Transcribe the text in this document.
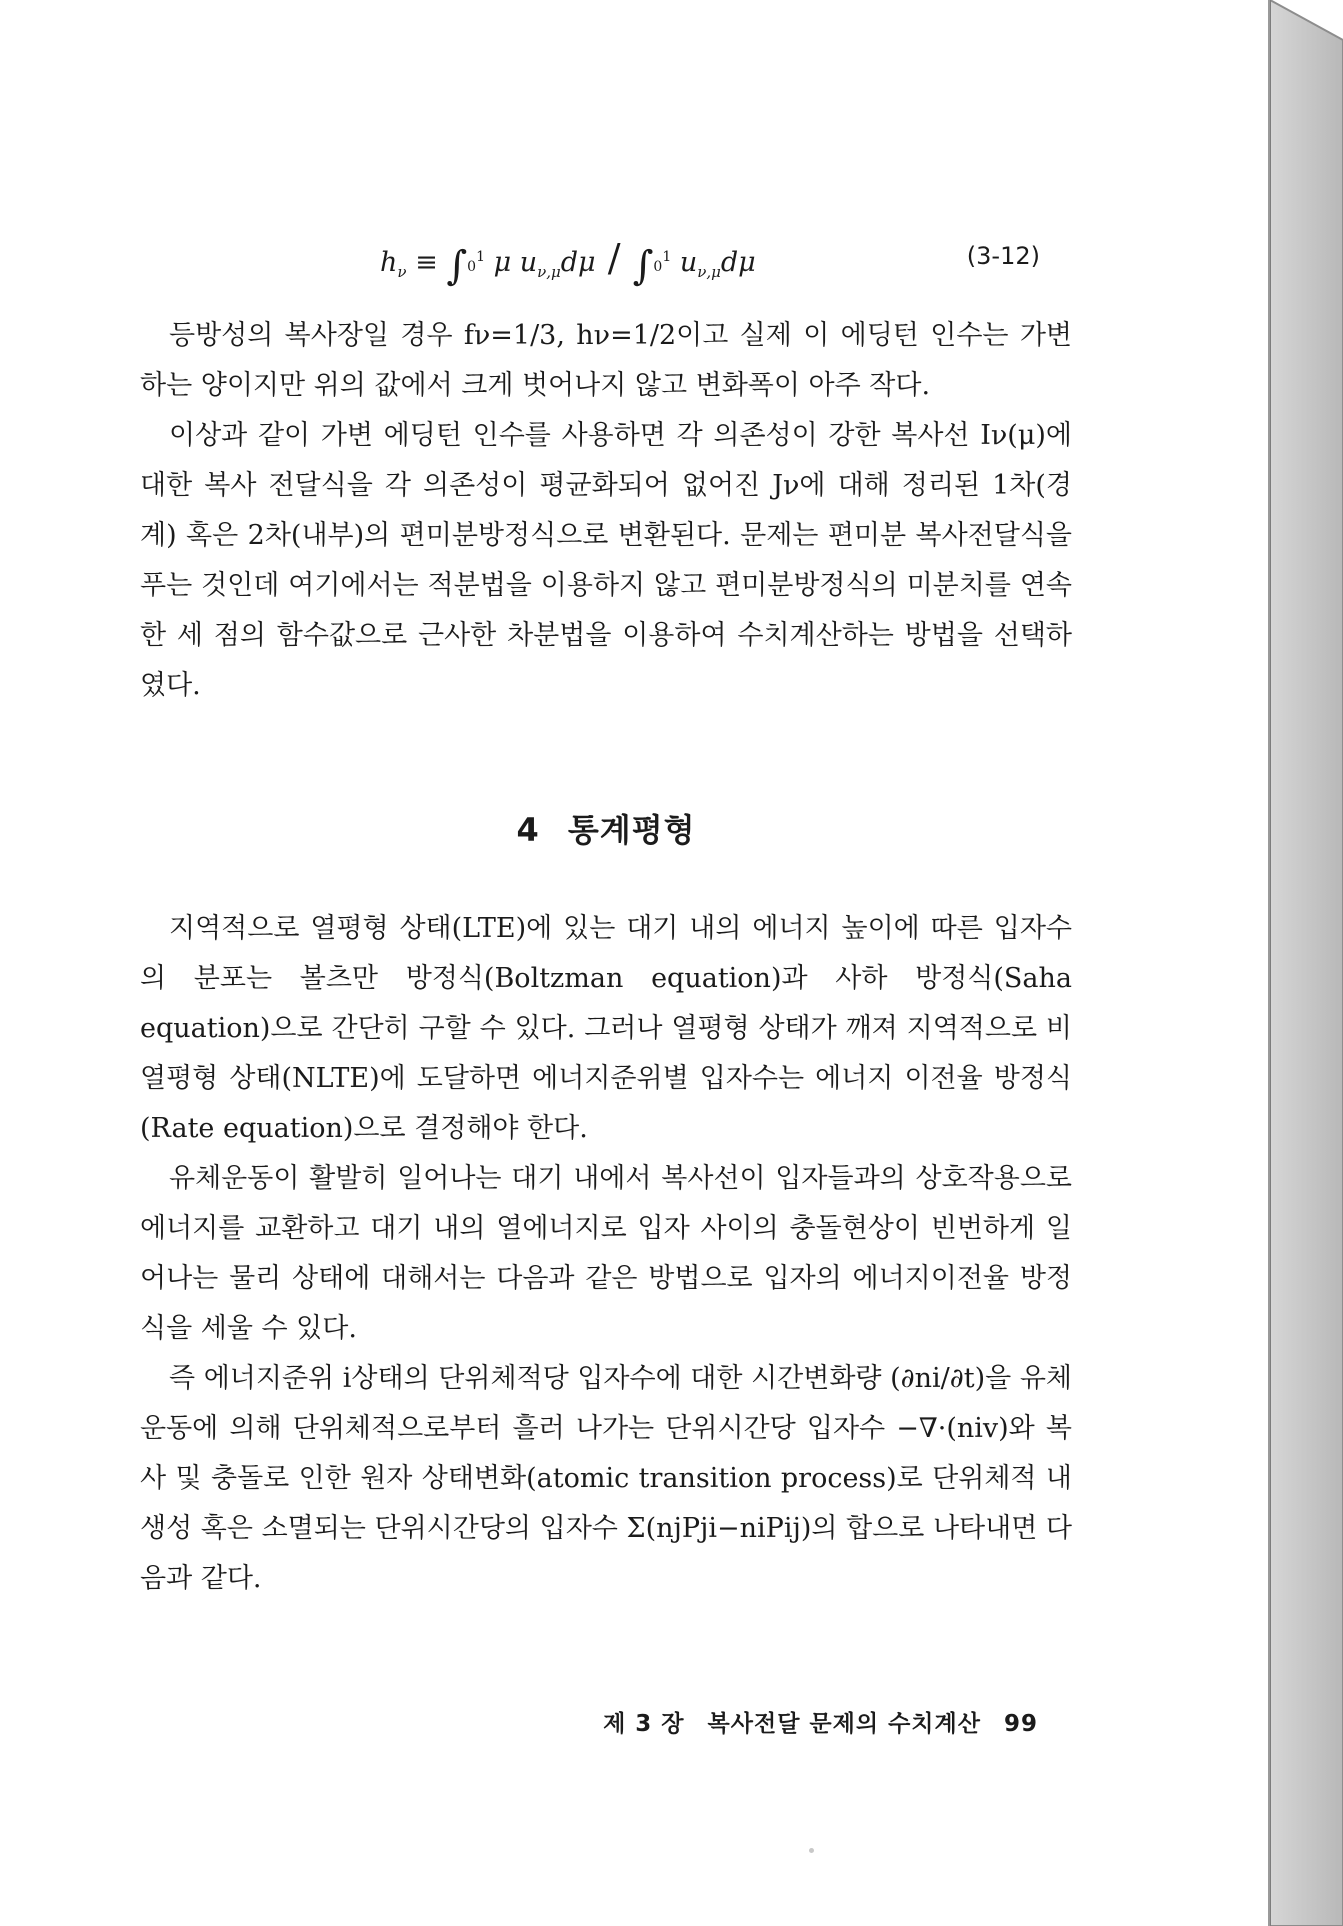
$h_\nu \equiv \int 0^1$ μ $u_{\nu,\mu}d\mu / \int 0^1$ $u_{\nu,\mu}d\mu$	(3-12)

등방성의 복사장일 경우 fν=1/3, hν=1/2이고 실제 이 에딩턴 인수는 가변하는 양이지만 위의 값에서 크게 벗어나지 않고 변화폭이 아주 작다.

이상과 같이 가변 에딩턴 인수를 사용하면 각 의존성이 강한 복사선 Iν(μ)에 대한 복사 전달식을 각 의존성이 평균화되어 없어진 Jν에 대해 정리된 1차(경계) 혹은 2차(내부)의 편미분방정식으로 변환된다. 문제는 편미분 복사전달식을 푸는 것인데 여기에서는 적분법을 이용하지 않고 편미분방정식의 미분치를 연속한 세 점의 함수값으로 근사한 차분법을 이용하여 수치계산하는 방법을 선택하였다.

4 통계평형

지역적으로 열평형 상태(LTE)에 있는 대기 내의 에너지 높이에 따른 입자수의 분포는 볼츠만 방정식(Boltzman equation)과 사하 방정식(Saha equation)으로 간단히 구할 수 있다. 그러나 열평형 상태가 깨져 지역적으로 비열평형 상태(NLTE)에 도달하면 에너지준위별 입자수는 에너지 이전율 방정식(Rate equation)으로 결정해야 한다.

유체운동이 활발히 일어나는 대기 내에서 복사선이 입자들과의 상호작용으로 에너지를 교환하고 대기 내의 열에너지로 입자 사이의 충돌현상이 빈번하게 일어나는 물리 상태에 대해서는 다음과 같은 방법으로 입자의 에너지이전율 방정식을 세울 수 있다.

즉 에너지준위 i상태의 단위체적당 입자수에 대한 시간변화량 (∂ni/∂t)을 유체운동에 의해 단위체적으로부터 흘러 나가는 단위시간당 입자수 −∇·(niv)와 복사 및 충돌로 인한 원자 상태변화(atomic transition process)로 단위체적 내 생성 혹은 소멸되는 단위시간당의 입자수 Σ(njPji−niPij)의 합으로 나타내면 다음과 같다.

제 3 장 복사전달 문제의 수치계산 99
